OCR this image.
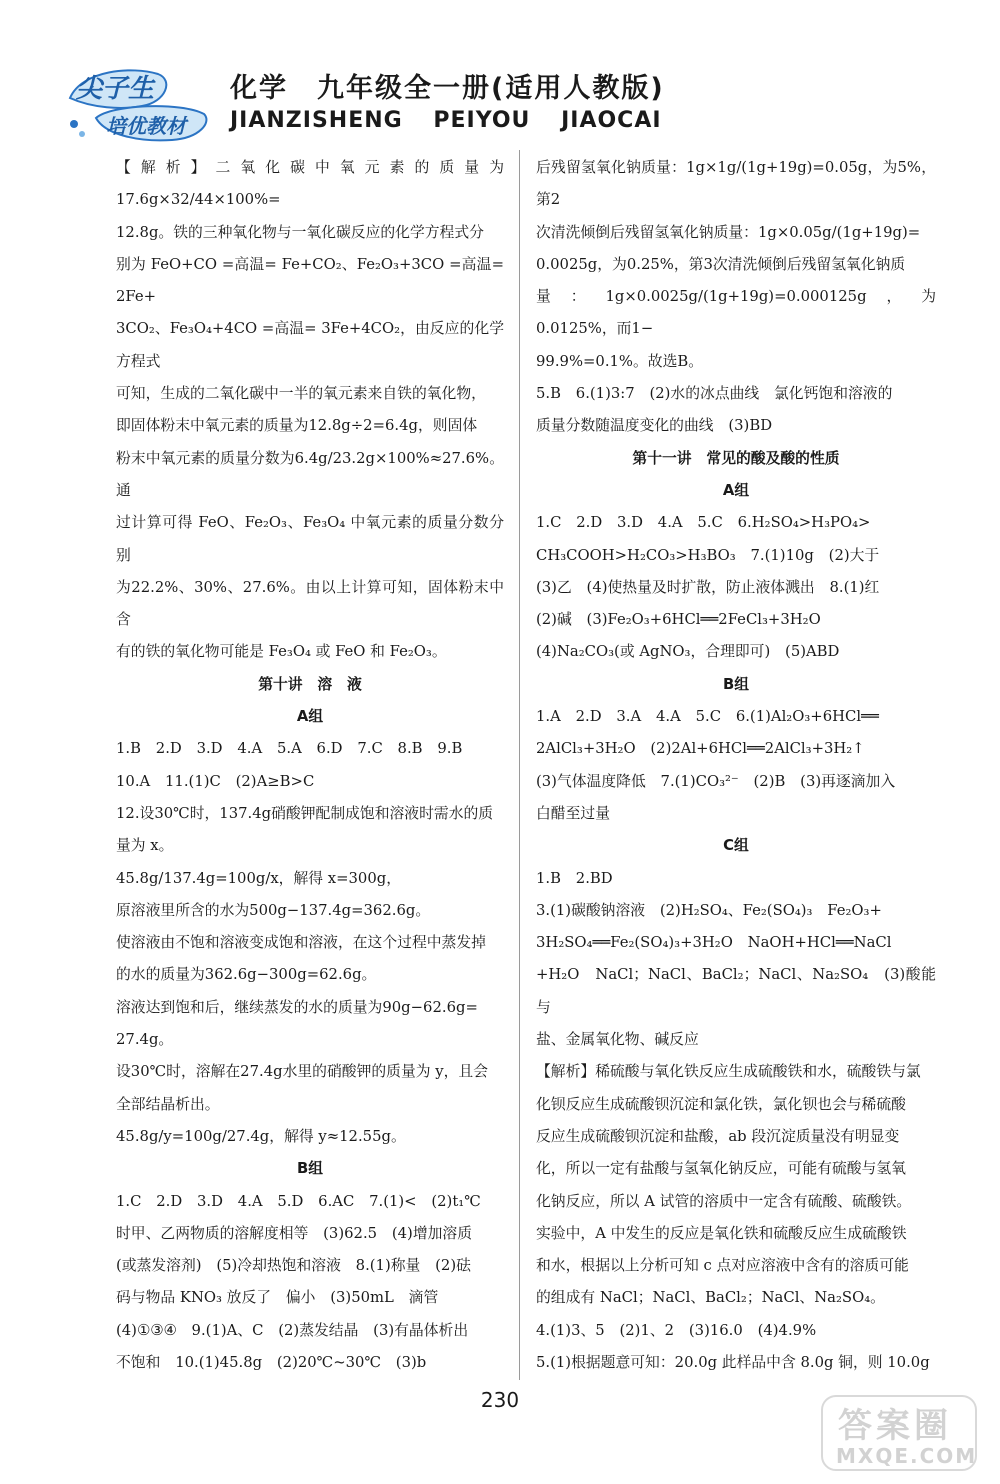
尖子生
培优教材
化学　九年级全一册(适用人教版)
JIANZISHENG PEIYOU JIAOCAI

【解析】二氧化碳中氧元素的质量为17.6g×32/44×100%=

12.8g。铁的三种氧化物与一氧化碳反应的化学方程式分

别为 FeO+CO =高温= Fe+CO₂、Fe₂O₃+3CO =高温= 2Fe+

3CO₂、Fe₃O₄+4CO =高温= 3Fe+4CO₂，由反应的化学方程式

可知，生成的二氧化碳中一半的氧元素来自铁的氧化物，

即固体粉末中氧元素的质量为12.8g÷2=6.4g，则固体

粉末中氧元素的质量分数为6.4g/23.2g×100%≈27.6%。通

过计算可得 FeO、Fe₂O₃、Fe₃O₄ 中氧元素的质量分数分别

为22.2%、30%、27.6%。由以上计算可知，固体粉末中含

有的铁的氧化物可能是 Fe₃O₄ 或 FeO 和 Fe₂O₃。

第十讲　溶　液

A组

1.B　2.D　3.D　4.A　5.A　6.D　7.C　8.B　9.B

10.A　11.(1)C　(2)A≥B>C

12.设30℃时，137.4g硝酸钾配制成饱和溶液时需水的质

量为 x。

45.8g/137.4g=100g/x，解得 x=300g，

原溶液里所含的水为500g−137.4g=362.6g。

使溶液由不饱和溶液变成饱和溶液，在这个过程中蒸发掉

的水的质量为362.6g−300g=62.6g。

溶液达到饱和后，继续蒸发的水的质量为90g−62.6g=

27.4g。

设30℃时，溶解在27.4g水里的硝酸钾的质量为 y，且会

全部结晶析出。

45.8g/y=100g/27.4g，解得 y≈12.55g。

B组

1.C　2.D　3.D　4.A　5.D　6.AC　7.(1)<　(2)t₁℃

时甲、乙两物质的溶解度相等　(3)62.5　(4)增加溶质

(或蒸发溶剂)　(5)冷却热饱和溶液　8.(1)称量　(2)砝

码与物品 KNO₃ 放反了　偏小　(3)50mL　滴管

(4)①③④　9.(1)A、C　(2)蒸发结晶　(3)有晶体析出

不饱和　10.(1)45.8g　(2)20℃~30℃　(3)b

后残留氢氧化钠质量：1g×1g/(1g+19g)=0.05g，为5%，第2

次清洗倾倒后残留氢氧化钠质量：1g×0.05g/(1g+19g)=

0.0025g，为0.25%，第3次清洗倾倒后残留氢氧化钠质

量：1g×0.0025g/(1g+19g)=0.000125g，为0.0125%，而1−

99.9%=0.1%。故选B。

5.B　6.(1)3:7　(2)水的冰点曲线　氯化钙饱和溶液的

质量分数随温度变化的曲线　(3)BD

第十一讲　常见的酸及酸的性质

A组

1.C　2.D　3.D　4.A　5.C　6.H₂SO₄>H₃PO₄>

CH₃COOH>H₂CO₃>H₃BO₃　7.(1)10g　(2)大于

(3)乙　(4)使热量及时扩散，防止液体溅出　8.(1)红

(2)碱　(3)Fe₂O₃+6HCl══2FeCl₃+3H₂O

(4)Na₂CO₃(或 AgNO₃，合理即可)　(5)ABD

B组

1.A　2.D　3.A　4.A　5.C　6.(1)Al₂O₃+6HCl══

2AlCl₃+3H₂O　(2)2Al+6HCl══2AlCl₃+3H₂↑

(3)气体温度降低　7.(1)CO₃²⁻　(2)B　(3)再逐滴加入

白醋至过量

C组

1.B　2.BD

3.(1)碳酸钠溶液　(2)H₂SO₄、Fe₂(SO₄)₃　Fe₂O₃+

3H₂SO₄══Fe₂(SO₄)₃+3H₂O　NaOH+HCl══NaCl

+H₂O　NaCl；NaCl、BaCl₂；NaCl、Na₂SO₄　(3)酸能与

盐、金属氧化物、碱反应

【解析】稀硫酸与氧化铁反应生成硫酸铁和水，硫酸铁与氯

化钡反应生成硫酸钡沉淀和氯化铁，氯化钡也会与稀硫酸

反应生成硫酸钡沉淀和盐酸，ab 段沉淀质量没有明显变

化，所以一定有盐酸与氢氧化钠反应，可能有硫酸与氢氧

化钠反应，所以 A 试管的溶质中一定含有硫酸、硫酸铁。

实验中，A 中发生的反应是氧化铁和硫酸反应生成硫酸铁

和水，根据以上分析可知 c 点对应溶液中含有的溶质可能

的组成有 NaCl；NaCl、BaCl₂；NaCl、Na₂SO₄。

4.(1)3、5　(2)1、2　(3)16.0　(4)4.9%

5.(1)根据题意可知：20.0g 此样品中含 8.0g 铜，则 10.0g

230
答案圈
MXQE.COM
